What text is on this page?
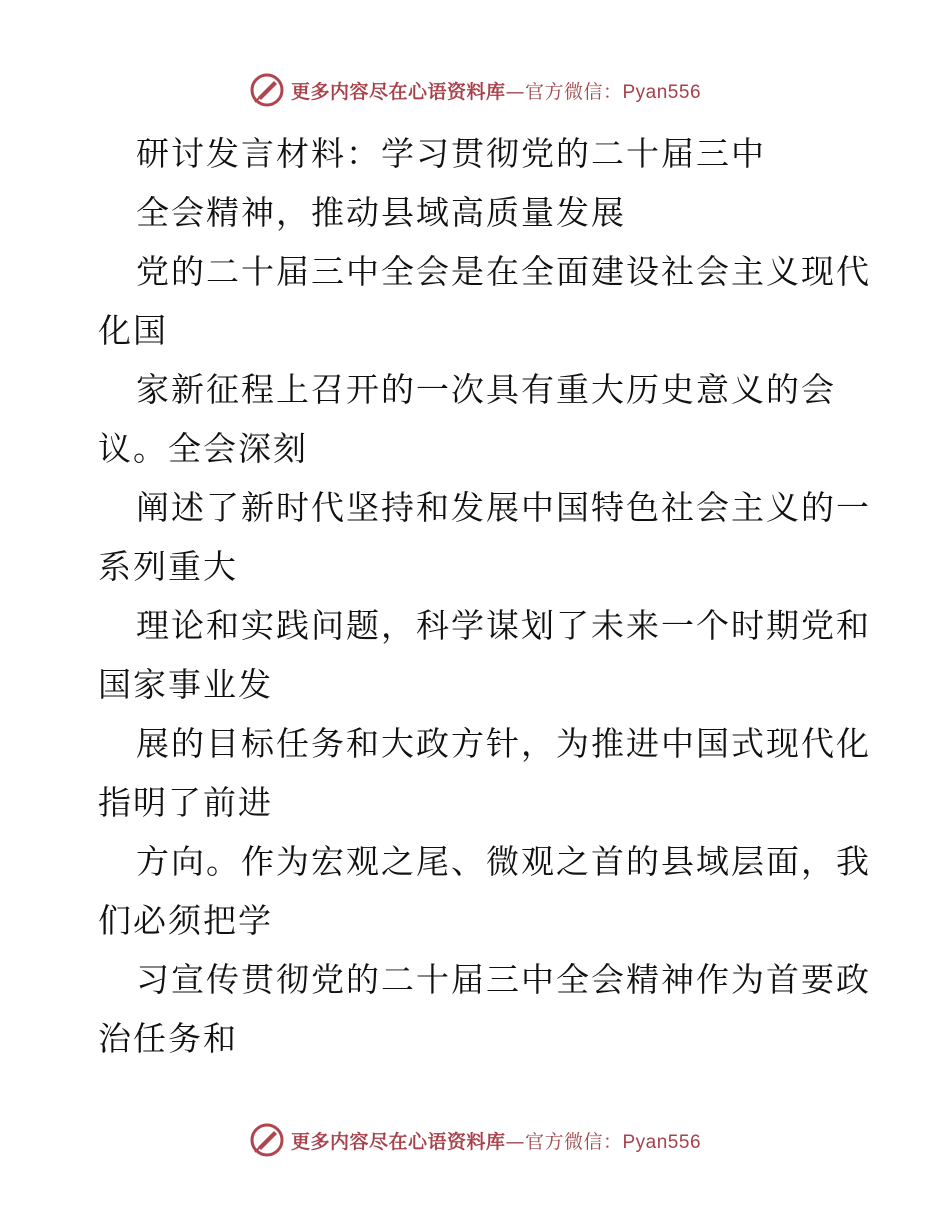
更多内容尽在心语资料库—官方微信：Pyan556
研讨发言材料：学习贯彻党的二十届三中
全会精神，推动县域高质量发展
党的二十届三中全会是在全面建设社会主义现代
化国
家新征程上召开的一次具有重大历史意义的会
议。全会深刻
阐述了新时代坚持和发展中国特色社会主义的一
系列重大
理论和实践问题，科学谋划了未来一个时期党和
国家事业发
展的目标任务和大政方针，为推进中国式现代化
指明了前进
方向。作为宏观之尾、微观之首的县域层面，我
们必须把学
习宣传贯彻党的二十届三中全会精神作为首要政
治任务和
更多内容尽在心语资料库—官方微信：Pyan556
